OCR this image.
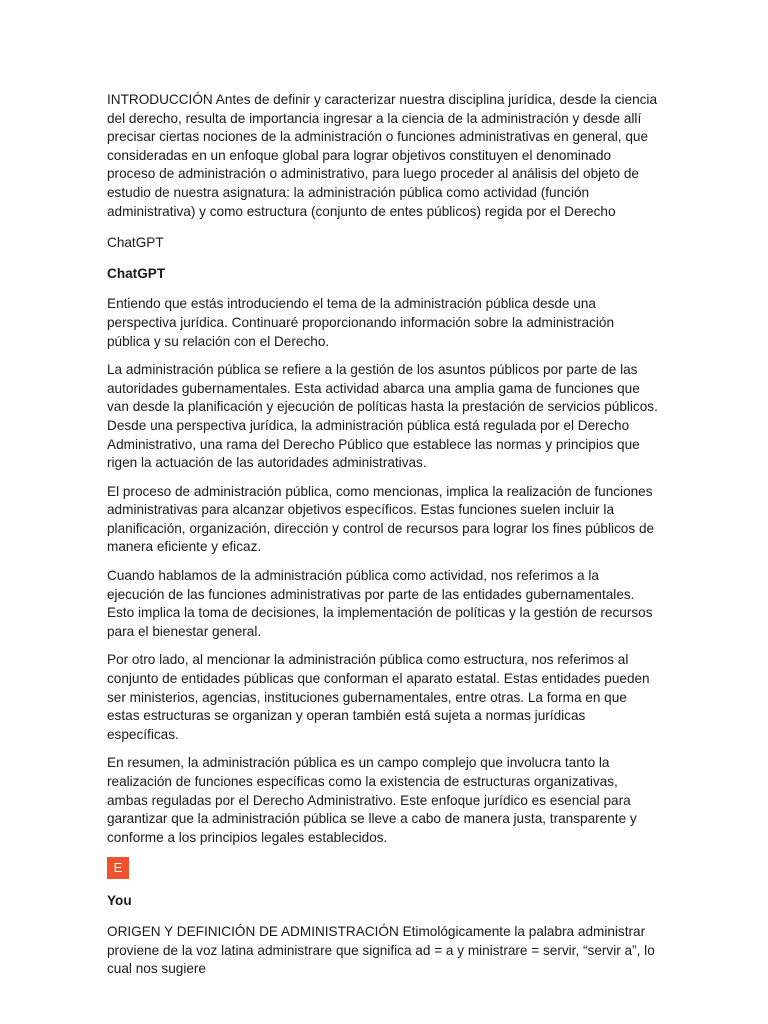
INTRODUCCIÓN Antes de definir y caracterizar nuestra disciplina jurídica, desde la ciencia del derecho, resulta de importancia ingresar a la ciencia de la administración y desde allí precisar ciertas nociones de la administración o funciones administrativas en general, que consideradas en un enfoque global para lograr objetivos constituyen el denominado proceso de administración o administrativo, para luego proceder al análisis del objeto de estudio de nuestra asignatura: la administración pública como actividad (función administrativa) y como estructura (conjunto de entes públicos) regida por el Derecho

ChatGPT

ChatGPT

Entiendo que estás introduciendo el tema de la administración pública desde una perspectiva jurídica. Continuaré proporcionando información sobre la administración pública y su relación con el Derecho.

La administración pública se refiere a la gestión de los asuntos públicos por parte de las autoridades gubernamentales. Esta actividad abarca una amplia gama de funciones que van desde la planificación y ejecución de políticas hasta la prestación de servicios públicos. Desde una perspectiva jurídica, la administración pública está regulada por el Derecho Administrativo, una rama del Derecho Público que establece las normas y principios que rigen la actuación de las autoridades administrativas.

El proceso de administración pública, como mencionas, implica la realización de funciones administrativas para alcanzar objetivos específicos. Estas funciones suelen incluir la planificación, organización, dirección y control de recursos para lograr los fines públicos de manera eficiente y eficaz.

Cuando hablamos de la administración pública como actividad, nos referimos a la ejecución de las funciones administrativas por parte de las entidades gubernamentales. Esto implica la toma de decisiones, la implementación de políticas y la gestión de recursos para el bienestar general.

Por otro lado, al mencionar la administración pública como estructura, nos referimos al conjunto de entidades públicas que conforman el aparato estatal. Estas entidades pueden ser ministerios, agencias, instituciones gubernamentales, entre otras. La forma en que estas estructuras se organizan y operan también está sujeta a normas jurídicas específicas.

En resumen, la administración pública es un campo complejo que involucra tanto la realización de funciones específicas como la existencia de estructuras organizativas, ambas reguladas por el Derecho Administrativo. Este enfoque jurídico es esencial para garantizar que la administración pública se lleve a cabo de manera justa, transparente y conforme a los principios legales establecidos.

E

You

ORIGEN Y DEFINICIÓN DE ADMINISTRACIÓN Etimológicamente la palabra administrar proviene de la voz latina administrare que significa ad = a y ministrare = servir, “servir a”, lo cual nos sugiere
